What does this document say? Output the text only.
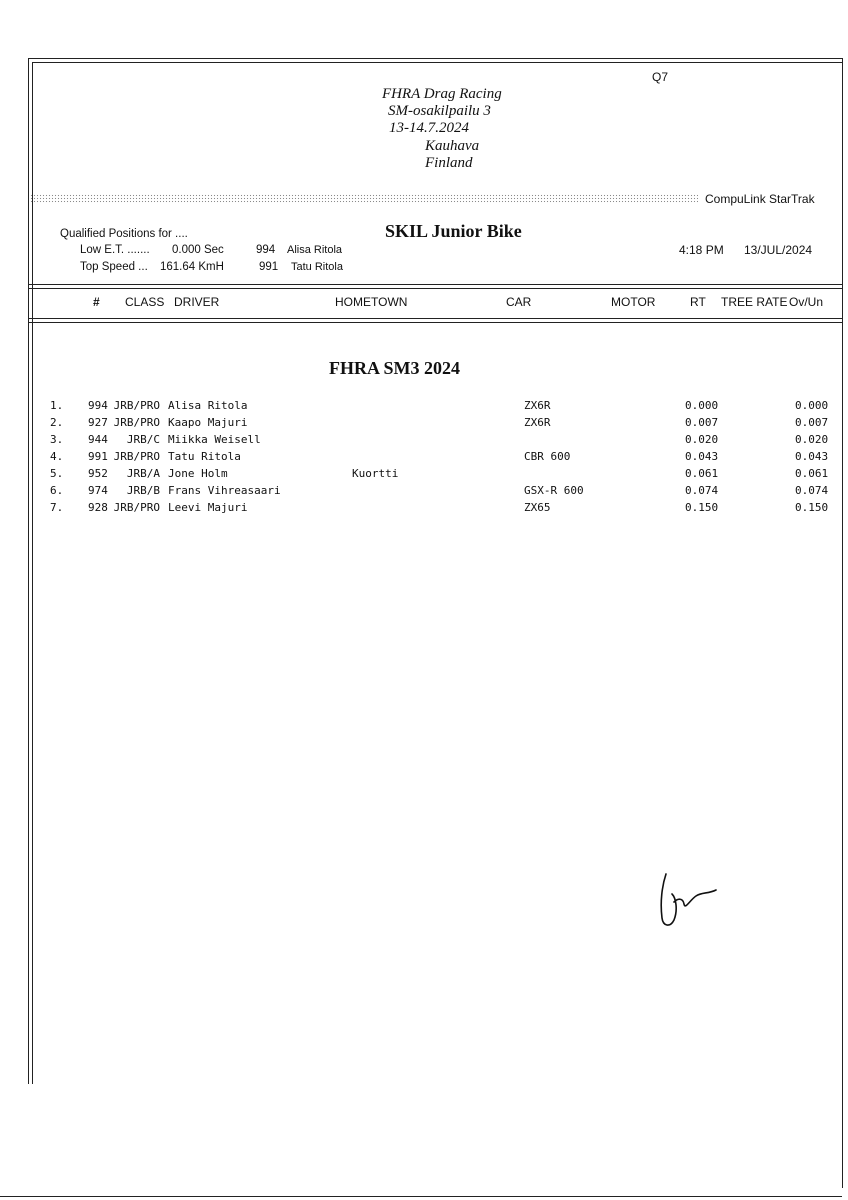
Q7
FHRA Drag Racing
SM-osakilpailu 3
13-14.7.2024
Kauhava
Finland
CompuLink StarTrak
Qualified Positions for ....
Low E.T. ....... 0.000 Sec	994 Alisa Ritola
Top Speed ... 161.64 KmH	991 Tatu Ritola
SKIL Junior Bike
4:18 PM 13/JUL/2024
# CLASS DRIVER	HOMETOWN	CAR	MOTOR	RT TREE RATE Ov/Un
FHRA SM3 2024
1. 994 JRB/PRO Alisa Ritola	ZX6R	0.000	0.000
2. 927 JRB/PRO Kaapo Majuri	ZX6R	0.007	0.007
3. 944	JRB/C Miikka Weisell	0.020	0.020
4. 991 JRB/PRO Tatu Ritola	CBR 600	0.043	0.043
5. 952	JRB/A Jone Holm	Kuortti	0.061	0.061
6. 974	JRB/B Frans Vihreasaari	GSX-R 600	0.074	0.074
7. 928 JRB/PRO Leevi Majuri	ZX65	0.150	0.150
